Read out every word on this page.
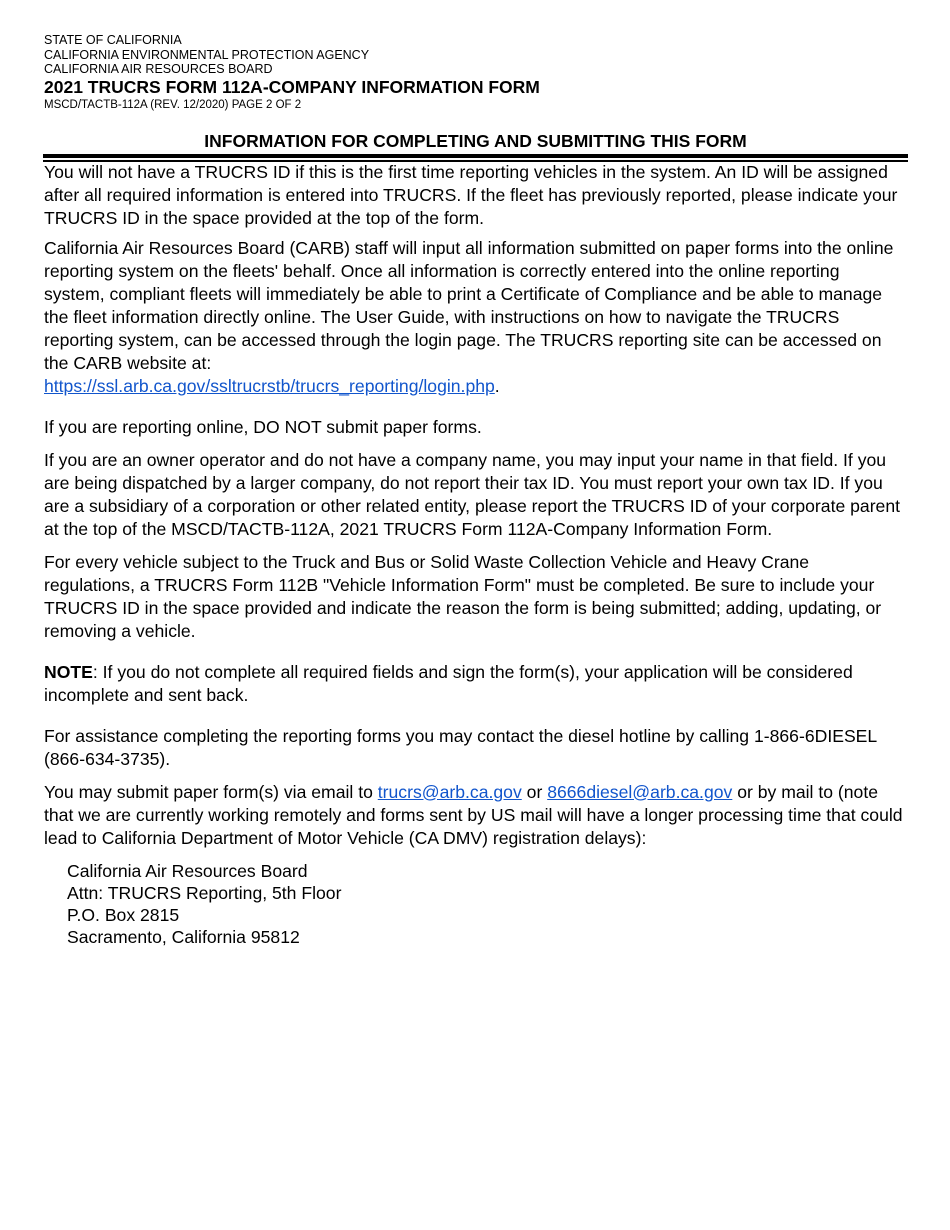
STATE OF CALIFORNIA
CALIFORNIA ENVIRONMENTAL PROTECTION AGENCY
CALIFORNIA AIR RESOURCES BOARD
2021 TRUCRS FORM 112A-COMPANY INFORMATION FORM
MSCD/TACTB-112A (REV. 12/2020) PAGE 2 OF 2
INFORMATION FOR COMPLETING AND SUBMITTING THIS FORM

You will not have a TRUCRS ID if this is the first time reporting vehicles in the system. An ID will be assigned after all required information is entered into TRUCRS. If the fleet has previously reported, please indicate your TRUCRS ID in the space provided at the top of the form.

California Air Resources Board (CARB) staff will input all information submitted on paper forms into the online reporting system on the fleets' behalf. Once all information is correctly entered into the online reporting system, compliant fleets will immediately be able to print a Certificate of Compliance and be able to manage the fleet information directly online. The User Guide, with instructions on how to navigate the TRUCRS reporting system, can be accessed through the login page. The TRUCRS reporting site can be accessed on the CARB website at:
https://ssl.arb.ca.gov/ssltrucrstb/trucrs_reporting/login.php.

If you are reporting online, DO NOT submit paper forms.

If you are an owner operator and do not have a company name, you may input your name in that field. If you are being dispatched by a larger company, do not report their tax ID. You must report your own tax ID. If you are a subsidiary of a corporation or other related entity, please report the TRUCRS ID of your corporate parent at the top of the MSCD/TACTB-112A, 2021 TRUCRS Form 112A-Company Information Form.

For every vehicle subject to the Truck and Bus or Solid Waste Collection Vehicle and Heavy Crane regulations, a TRUCRS Form 112B "Vehicle Information Form" must be completed. Be sure to include your TRUCRS ID in the space provided and indicate the reason the form is being submitted; adding, updating, or removing a vehicle.

NOTE: If you do not complete all required fields and sign the form(s), your application will be considered incomplete and sent back.

For assistance completing the reporting forms you may contact the diesel hotline by calling 1-866-6DIESEL (866-634-3735).

You may submit paper form(s) via email to trucrs@arb.ca.gov or 8666diesel@arb.ca.gov or by mail to (note that we are currently working remotely and forms sent by US mail will have a longer processing time that could lead to California Department of Motor Vehicle (CA DMV) registration delays):

California Air Resources Board
Attn: TRUCRS Reporting, 5th Floor
P.O. Box 2815
Sacramento, California 95812
